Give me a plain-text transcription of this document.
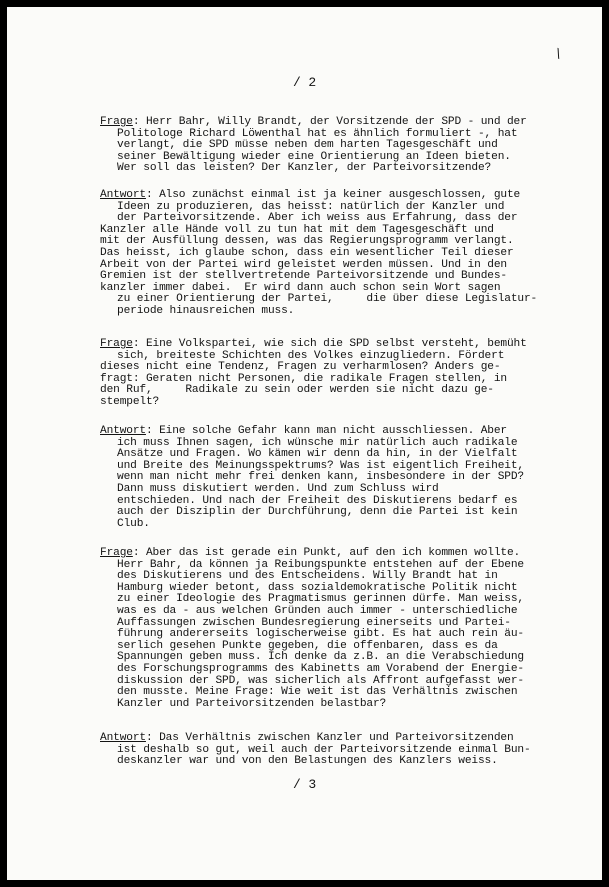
\
/ 2
Frage: Herr Bahr, Willy Brandt, der Vorsitzende der SPD - und der
Politologe Richard Löwenthal hat es ähnlich formuliert -, hat
verlangt, die SPD müsse neben dem harten Tagesgeschäft und
seiner Bewältigung wieder eine Orientierung an Ideen bieten.
Wer soll das leisten? Der Kanzler, der Parteivorsitzende?
Antwort: Also zunächst einmal ist ja keiner ausgeschlossen, gute
Ideen zu produzieren, das heisst: natürlich der Kanzler und
der Parteivorsitzende. Aber ich weiss aus Erfahrung, dass der
Kanzler alle Hände voll zu tun hat mit dem Tagesgeschäft und
mit der Ausfüllung dessen, was das Regierungsprogramm verlangt.
Das heisst, ich glaube schon, dass ein wesentlicher Teil dieser
Arbeit von der Partei wird geleistet werden müssen. Und in den
Gremien ist der stellvertretende Parteivorsitzende und Bundes-
kanzler immer dabei.  Er wird dann auch schon sein Wort sagen
zu einer Orientierung der Partei,     die über diese Legislatur-
periode hinausreichen muss.
Frage: Eine Volkspartei, wie sich die SPD selbst versteht, bemüht
sich, breiteste Schichten des Volkes einzugliedern. Fördert
dieses nicht eine Tendenz, Fragen zu verharmlosen? Anders ge-
fragt: Geraten nicht Personen, die radikale Fragen stellen, in
den Ruf,     Radikale zu sein oder werden sie nicht dazu ge-
stempelt?
Antwort: Eine solche Gefahr kann man nicht ausschliessen. Aber
ich muss Ihnen sagen, ich wünsche mir natürlich auch radikale
Ansätze und Fragen. Wo kämen wir denn da hin, in der Vielfalt
und Breite des Meinungsspektrums? Was ist eigentlich Freiheit,
wenn man nicht mehr frei denken kann, insbesondere in der SPD?
Dann muss diskutiert werden. Und zum Schluss wird
entschieden. Und nach der Freiheit des Diskutierens bedarf es
auch der Disziplin der Durchführung, denn die Partei ist kein
Club.
Frage: Aber das ist gerade ein Punkt, auf den ich kommen wollte.
Herr Bahr, da können ja Reibungspunkte entstehen auf der Ebene
des Diskutierens und des Entscheidens. Willy Brandt hat in
Hamburg wieder betont, dass sozialdemokratische Politik nicht
zu einer Ideologie des Pragmatismus gerinnen dürfe. Man weiss,
was es da - aus welchen Gründen auch immer - unterschiedliche
Auffassungen zwischen Bundesregierung einerseits und Partei-
führung andererseits logischerweise gibt. Es hat auch rein äu-
serlich gesehen Punkte gegeben, die offenbaren, dass es da
Spannungen geben muss. Ich denke da z.B. an die Verabschiedung
des Forschungsprogramms des Kabinetts am Vorabend der Energie-
diskussion der SPD, was sicherlich als Affront aufgefasst wer-
den musste. Meine Frage: Wie weit ist das Verhältnis zwischen
Kanzler und Parteivorsitzenden belastbar?
Antwort: Das Verhältnis zwischen Kanzler und Parteivorsitzenden
ist deshalb so gut, weil auch der Parteivorsitzende einmal Bun-
deskanzler war und von den Belastungen des Kanzlers weiss.
/ 3
